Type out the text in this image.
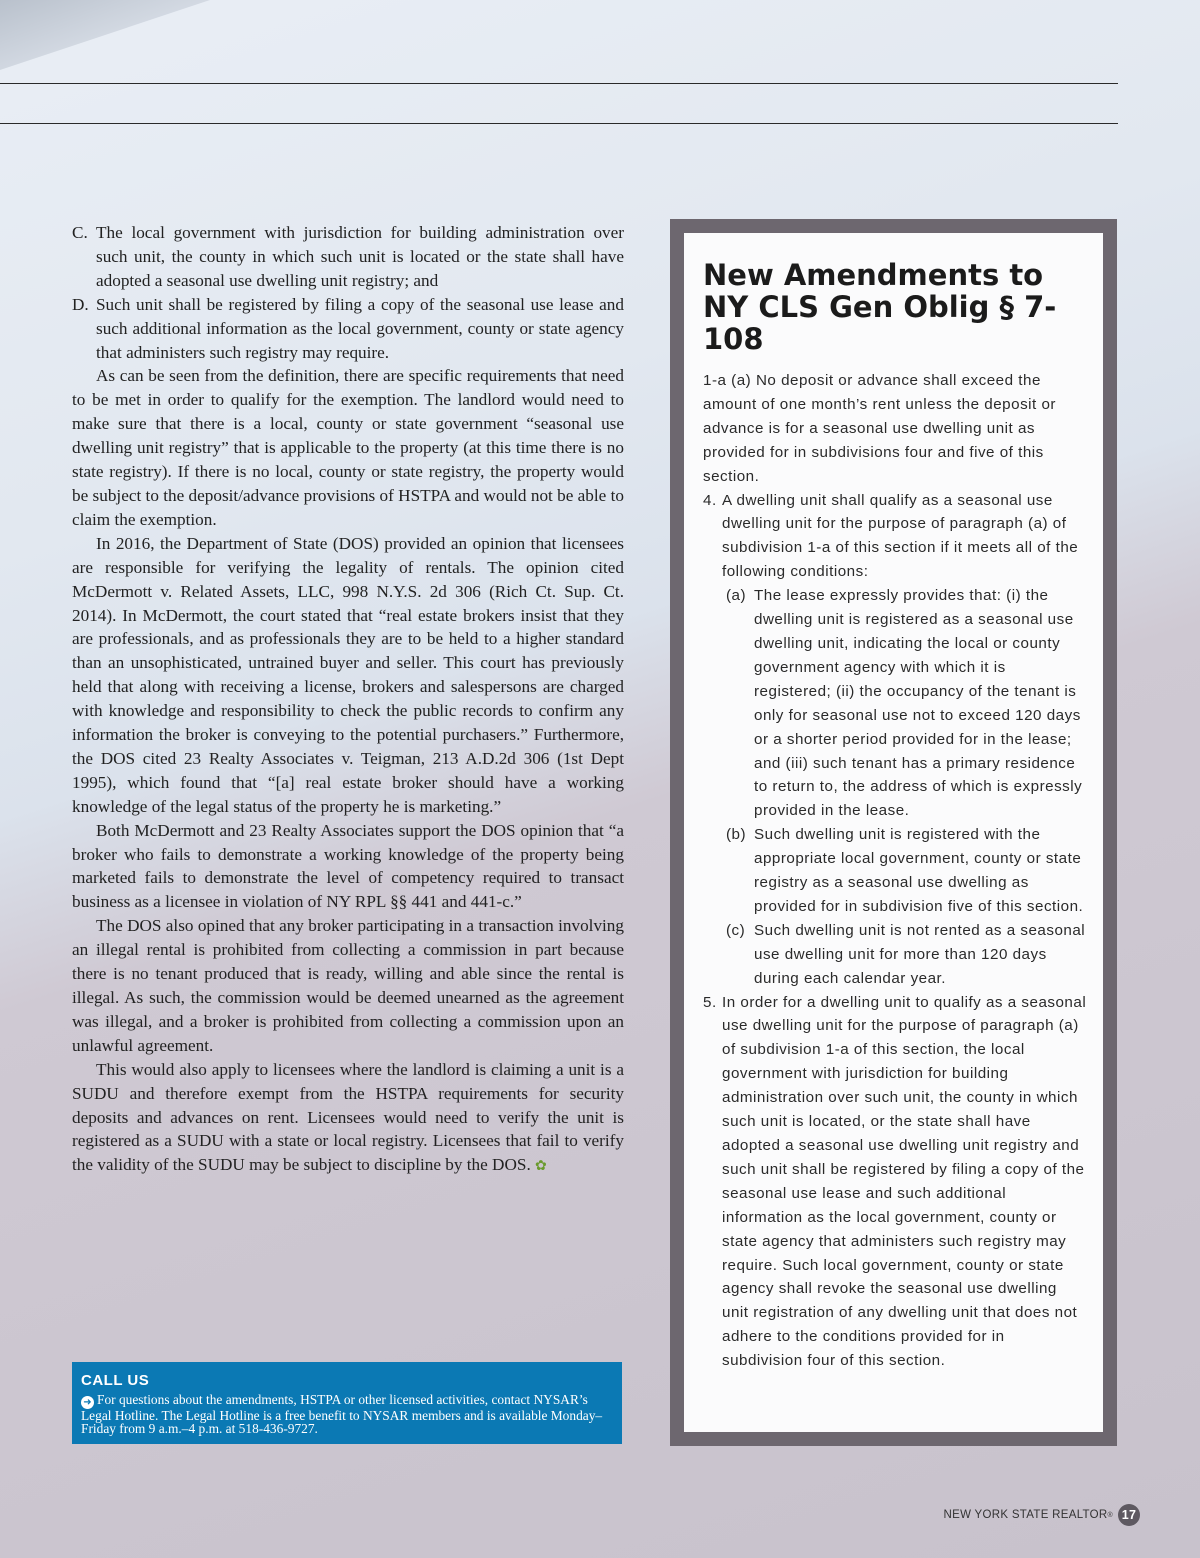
C. The local government with jurisdiction for building administration over such unit, the county in which such unit is located or the state shall have adopted a seasonal use dwelling unit registry; and
D. Such unit shall be registered by filing a copy of the seasonal use lease and such additional information as the local government, county or state agency that administers such registry may require.

As can be seen from the definition, there are specific requirements that need to be met in order to qualify for the exemption. The landlord would need to make sure that there is a local, county or state government “seasonal use dwelling unit registry” that is applicable to the property (at this time there is no state registry). If there is no local, county or state registry, the property would be subject to the deposit/advance provisions of HSTPA and would not be able to claim the exemption.

In 2016, the Department of State (DOS) provided an opinion that licensees are responsible for verifying the legality of rentals. The opinion cited McDermott v. Related Assets, LLC, 998 N.Y.S. 2d 306 (Rich Ct. Sup. Ct. 2014). In McDermott, the court stated that “real estate brokers insist that they are professionals, and as professionals they are to be held to a higher standard than an unsophisticated, untrained buyer and seller. This court has previously held that along with receiving a license, brokers and salespersons are charged with knowledge and responsibility to check the public records to confirm any information the broker is conveying to the potential purchasers.” Furthermore, the DOS cited 23 Realty Associates v. Teigman, 213 A.D.2d 306 (1st Dept 1995), which found that “[a] real estate broker should have a working knowledge of the legal status of the property he is marketing.”

Both McDermott and 23 Realty Associates support the DOS opinion that “a broker who fails to demonstrate a working knowledge of the property being marketed fails to demonstrate the level of competency required to transact business as a licensee in violation of NY RPL §§ 441 and 441-c.”

The DOS also opined that any broker participating in a transaction involving an illegal rental is prohibited from collecting a commission in part because there is no tenant produced that is ready, willing and able since the rental is illegal. As such, the commission would be deemed unearned as the agreement was illegal, and a broker is prohibited from collecting a commission upon an unlawful agreement.

This would also apply to licensees where the landlord is claiming a unit is a SUDU and therefore exempt from the HSTPA requirements for security deposits and advances on rent. Licensees would need to verify the unit is registered as a SUDU with a state or local registry. Licensees that fail to verify the validity of the SUDU may be subject to discipline by the DOS. ✿

CALL US
➜ For questions about the amendments, HSTPA or other licensed activities, contact NYSAR’s Legal Hotline. The Legal Hotline is a free benefit to NYSAR members and is available Monday–Friday from 9 a.m.–4 p.m. at 518-436-9727.
New Amendments to NY CLS Gen Oblig § 7-108

1-a (a) No deposit or advance shall exceed the amount of one month’s rent unless the deposit or advance is for a seasonal use dwelling unit as provided for in subdivisions four and five of this section.

4. A dwelling unit shall qualify as a seasonal use dwelling unit for the purpose of paragraph (a) of subdivision 1-a of this section if it meets all of the following conditions:
(a) The lease expressly provides that: (i) the dwelling unit is registered as a seasonal use dwelling unit, indicating the local or county government agency with which it is registered; (ii) the occupancy of the tenant is only for seasonal use not to exceed 120 days or a shorter period provided for in the lease; and (iii) such tenant has a primary residence to return to, the address of which is expressly provided in the lease.
(b) Such dwelling unit is registered with the appropriate local government, county or state registry as a seasonal use dwelling as provided for in subdivision five of this section.
(c) Such dwelling unit is not rented as a seasonal use dwelling unit for more than 120 days during each calendar year.
5. In order for a dwelling unit to qualify as a seasonal use dwelling unit for the purpose of paragraph (a) of subdivision 1-a of this section, the local government with jurisdiction for building administration over such unit, the county in which such unit is located, or the state shall have adopted a seasonal use dwelling unit registry and such unit shall be registered by filing a copy of the seasonal use lease and such additional information as the local government, county or state agency that administers such registry may require. Such local government, county or state agency shall revoke the seasonal use dwelling unit registration of any dwelling unit that does not adhere to the conditions provided for in subdivision four of this section.
NEW YORK STATE REALTOR ® 17
